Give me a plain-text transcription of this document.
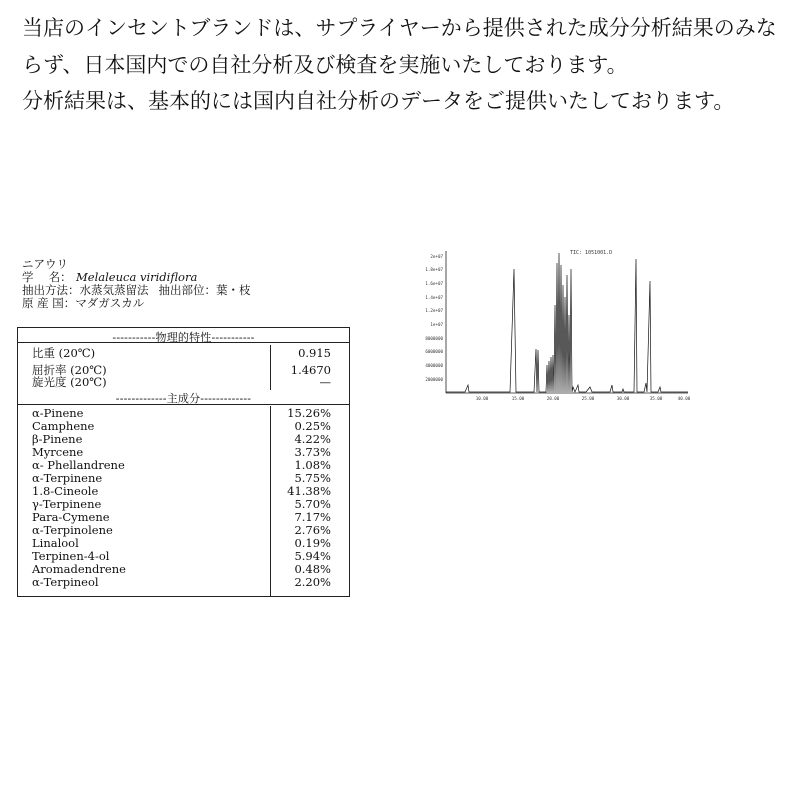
当店のインセントブランドは、サプライヤーから提供された成分分析結果のみならず、日本国内での自社分析及び検査を実施いたしております。

分析結果は、基本的には国内自社分析のデータをご提供いたしております。

ニアウリ
学　 名： Melaleuca viridiflora
抽出方法：水蒸気蒸留法 抽出部位：葉・枝
原 産 国：マダガスカル
-----------物理的特性-----------
比重 (20℃)	0.915
屈折率 (20℃)	1.4670
旋光度 (20℃)	—
-------------主成分-------------
α-Pinene	15.26%
Camphene	0.25%
β-Pinene	4.22%
Myrcene	3.73%
α- Phellandrene	1.08%
α-Terpinene	5.75%
1.8-Cineole	41.38%
γ-Terpinene	5.70%
Para-Cymene	7.17%
α-Terpinolene	2.76%
Linalool	0.19%
Terpinen-4-ol	5.94%
Aromadendrene	0.48%
α-Terpineol	2.20%
TIC: 1051001.D
2e+07
1.8e+07
1.6e+07
1.4e+07
1.2e+07
1e+07
8000000
6000000
4000000
2000000
10.00	15.00	20.00	25.00	30.00	35.00	40.00
